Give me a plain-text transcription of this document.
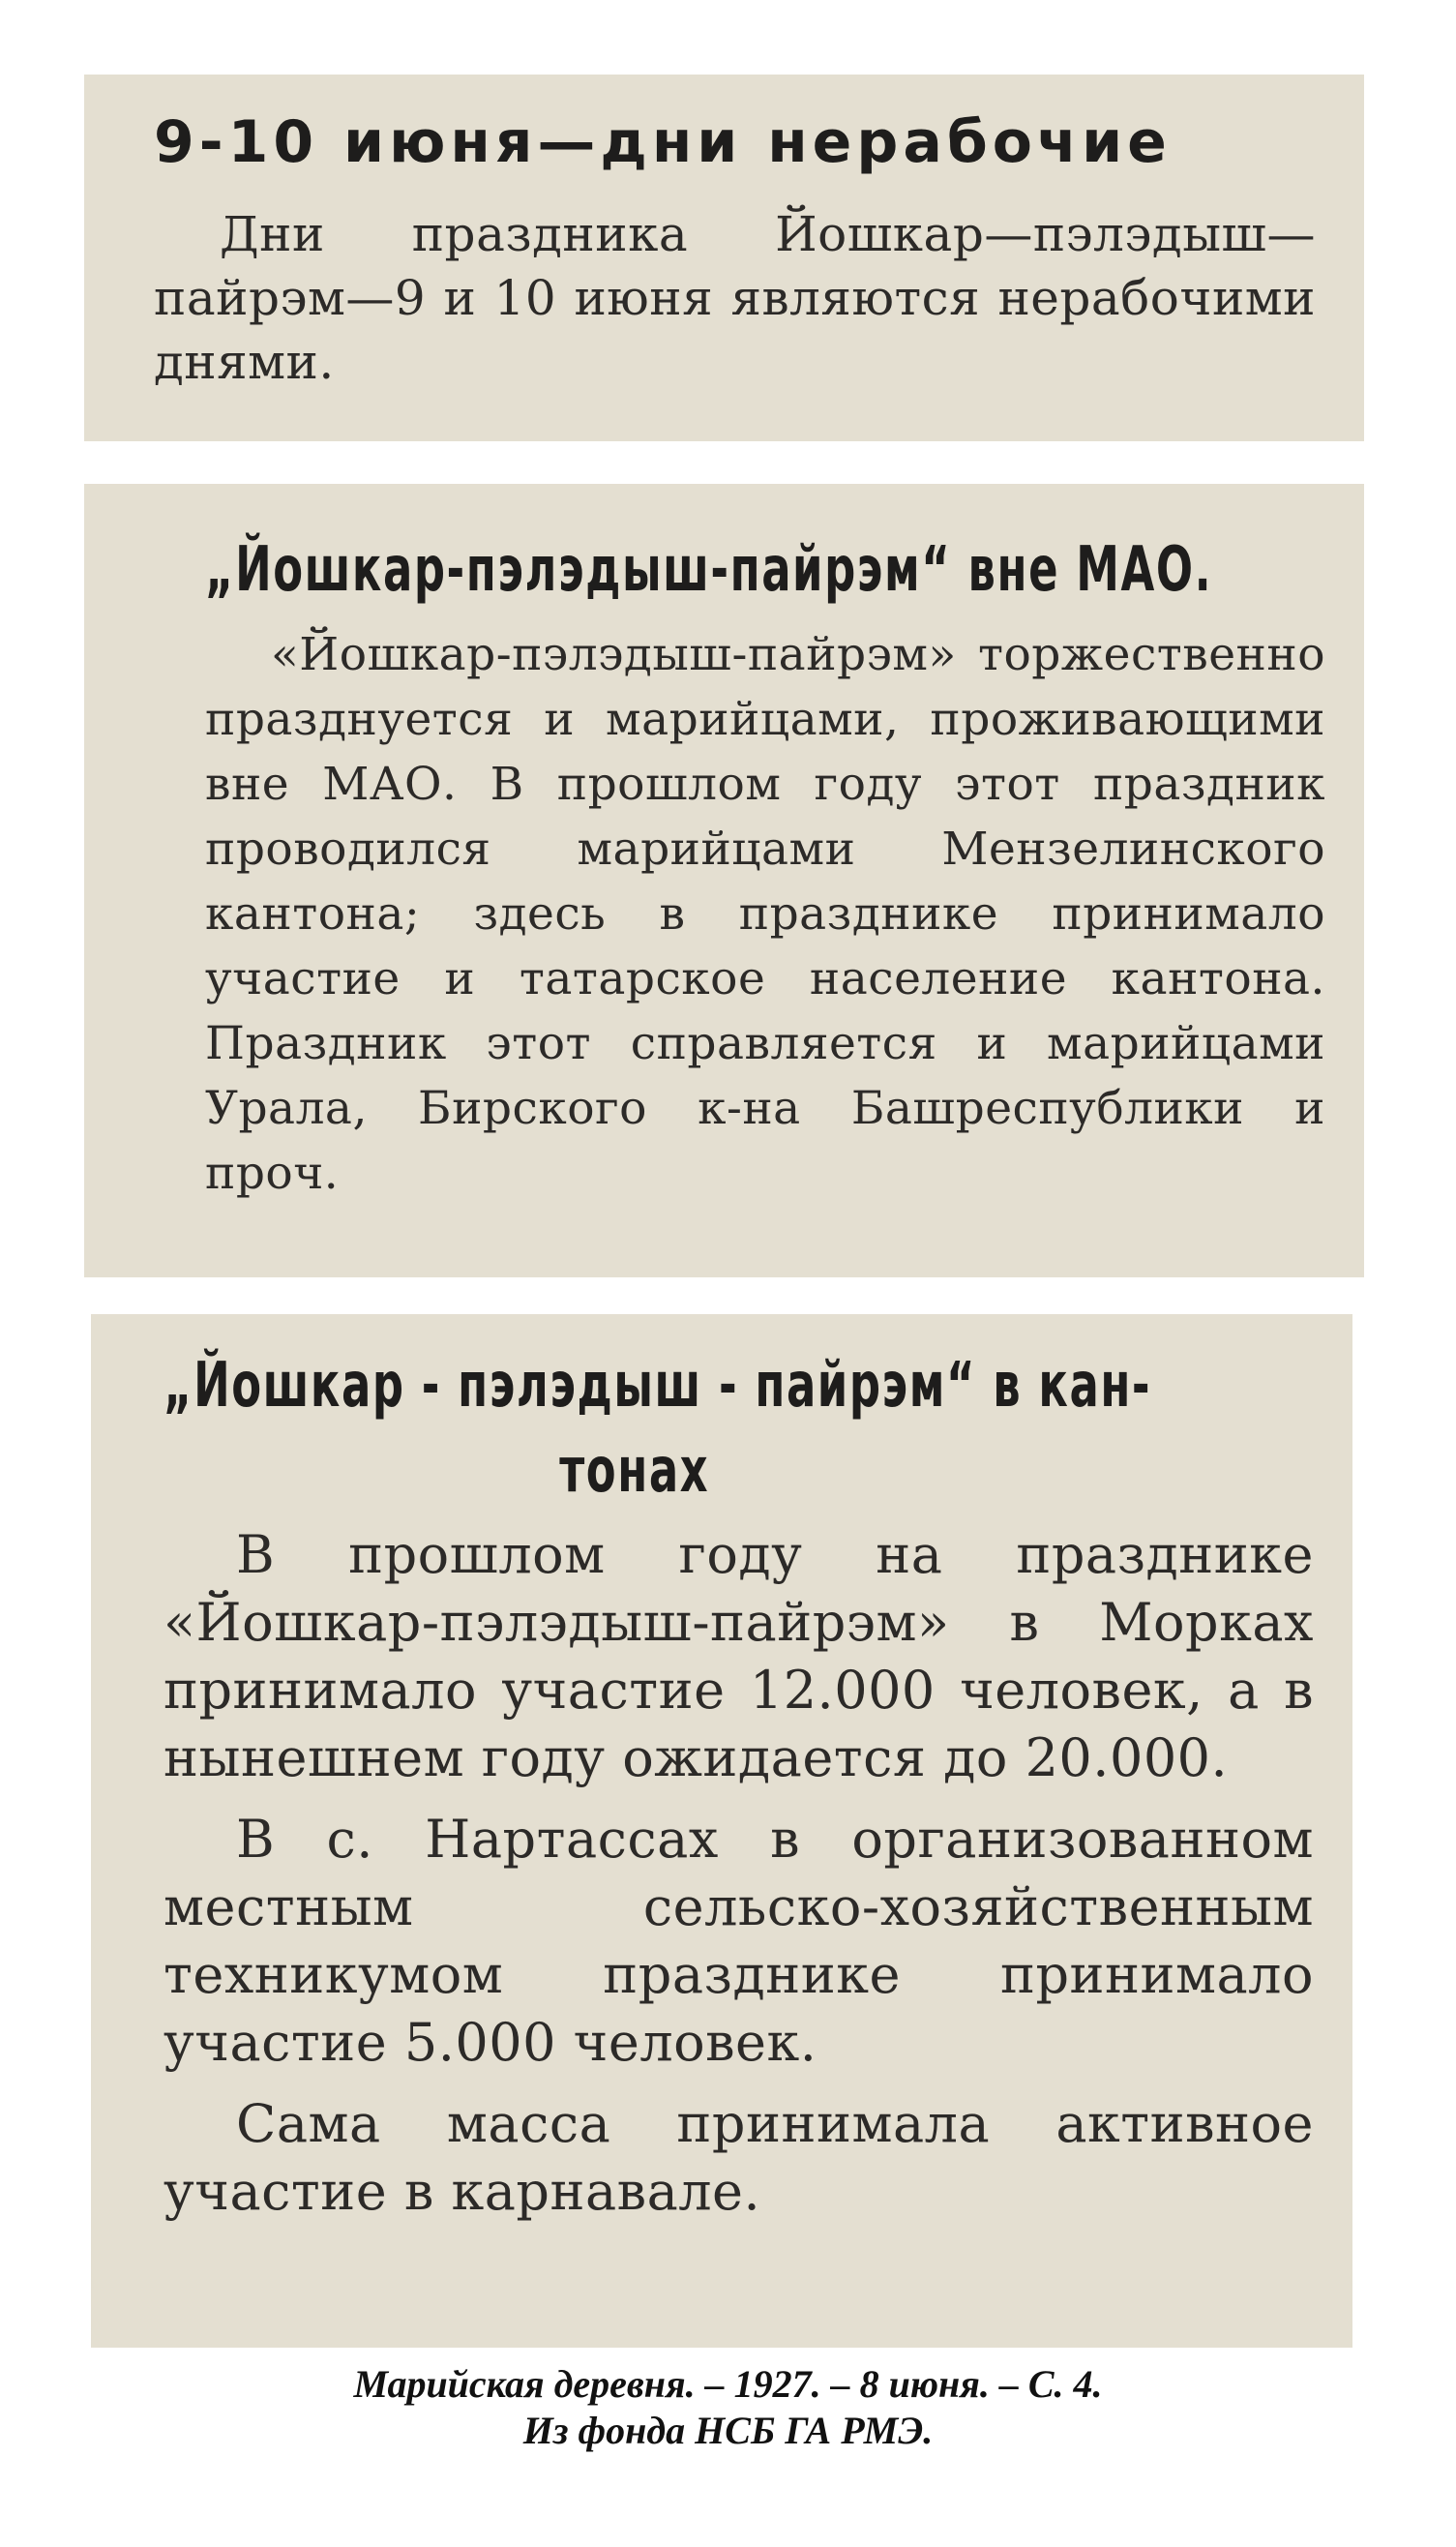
9-10 июня—дни нерабочие

Дни праздника Йошкар—пэлэдыш—пайрэм—9 и 10 июня являются нерабочими днями.

„Йошкар-пэлэдыш-пайрэм“ вне МАО.

«Йошкар-пэлэдыш-пайрэм» торжественно празднуется и марийцами, проживающими вне МАО. В прошлом году этот праздник проводился марийцами Мензелинского кантона; здесь в празднике принимало участие и татарское население кантона. Праздник этот справляется и марийцами Урала, Бирского к-на Башреспублики и проч.

„Йошкар - пэлэдыш - пайрэм“ в кан-
тонах

В прошлом году на празднике «Йошкар-пэлэдыш-пайрэм» в Морках принимало участие 12.000 человек, а в нынешнем году ожидается до 20.000.

В с. Нартассах в организованном местным сельско-хозяйственным техникумом празднике принимало участие 5.000 человек.

Сама масса принимала активное участие в карнавале.

Марийская деревня. – 1927. – 8 июня. – С. 4.
Из фонда НСБ ГА РМЭ.
